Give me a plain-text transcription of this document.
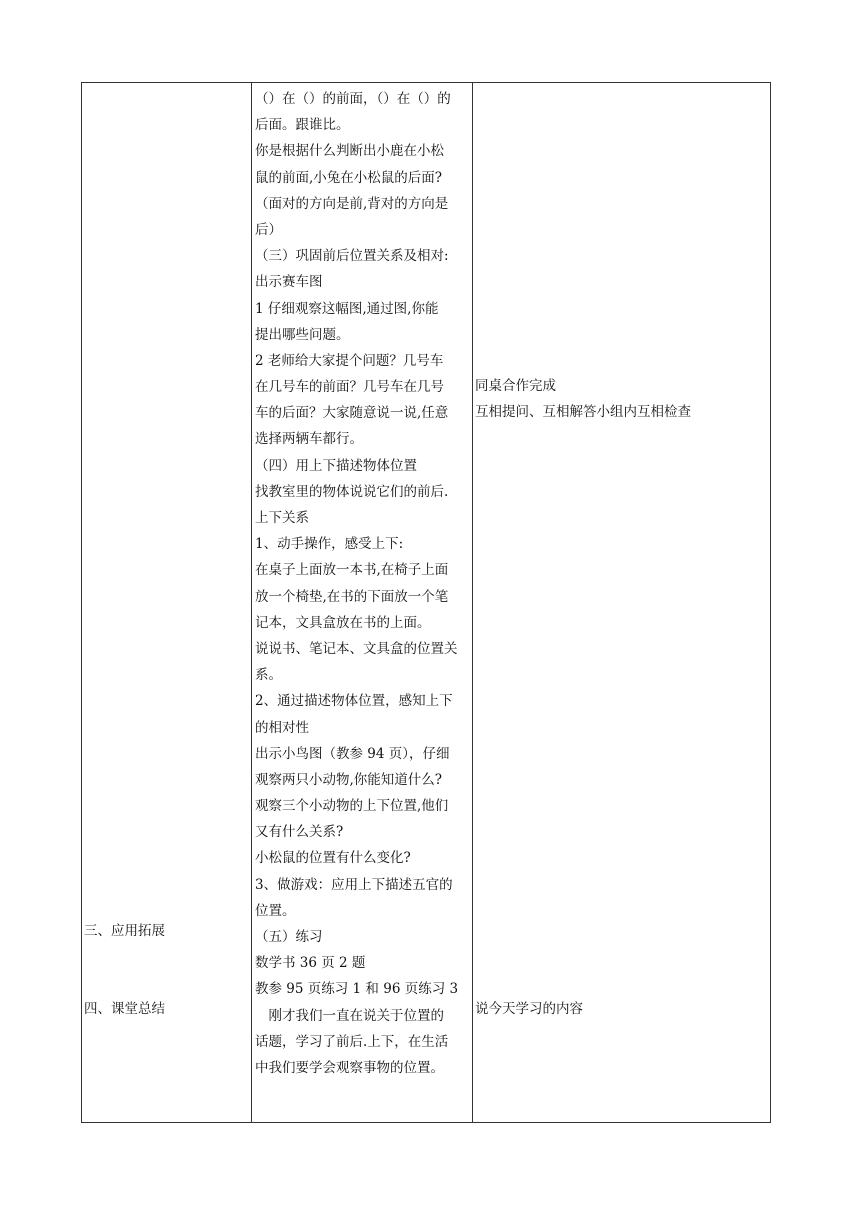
三、应用拓展
四、课堂总结
（）在（）的前面，（）在（）的
后面。跟谁比。
你是根据什么判断出小鹿在小松
鼠的前面,小兔在小松鼠的后面?
（面对的方向是前,背对的方向是
后）
（三）巩固前后位置关系及相对:
出示赛车图
1 仔细观察这幅图,通过图,你能
提出哪些问题。
2 老师给大家提个问题？几号车
在几号车的前面？几号车在几号
车的后面？大家随意说一说,任意
选择两辆车都行。
（四）用上下描述物体位置
找教室里的物体说说它们的前后.
上下关系
1、动手操作，感受上下:
在桌子上面放一本书,在椅子上面
放一个椅垫,在书的下面放一个笔
记本，文具盒放在书的上面。
说说书、笔记本、文具盒的位置关
系。
2、通过描述物体位置，感知上下
的相对性
出示小鸟图（教参 94 页），仔细
观察两只小动物,你能知道什么?
观察三个小动物的上下位置,他们
又有什么关系?
小松鼠的位置有什么变化?
3、做游戏：应用上下描述五官的
位置。
（五）练习
数学书 36 页 2 题
教参 95 页练习 1 和 96 页练习 3
　刚才我们一直在说关于位置的
话题，学习了前后.上下，在生活
中我们要学会观察事物的位置。
同桌合作完成
互相提问、互相解答小组内互相检查
说今天学习的内容
